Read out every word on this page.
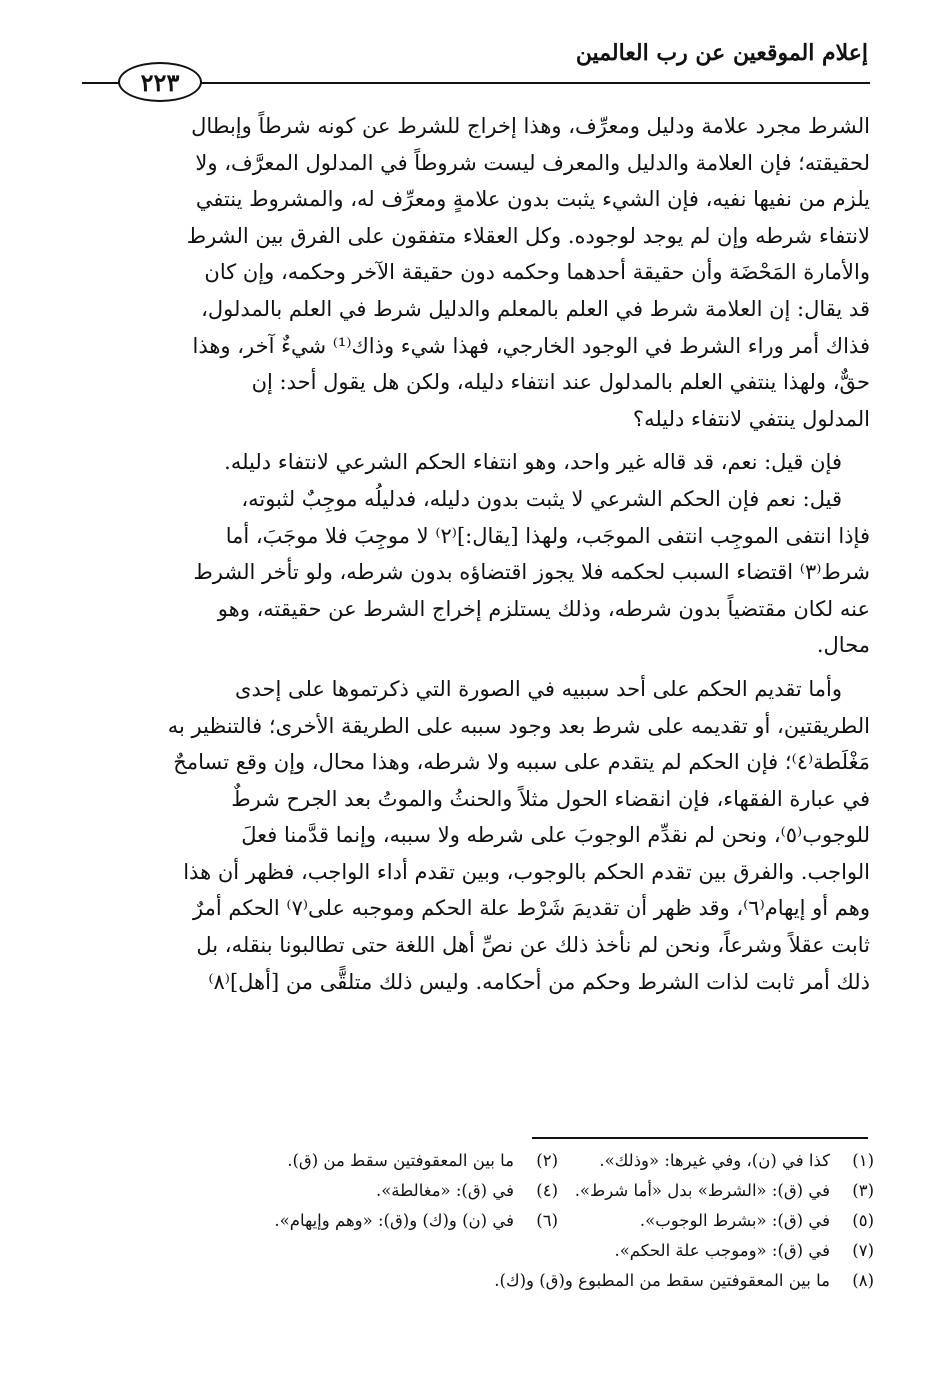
إعلام الموقعين عن رب العالمين
٢٢٣

الشرط مجرد علامة ودليل ومعرِّف، وهذا إخراج للشرط عن كونه شرطاً وإبطال

لحقيقته؛ فإن العلامة والدليل والمعرف ليست شروطاً في المدلول المعرَّف، ولا

يلزم من نفيها نفيه، فإن الشيء يثبت بدون علامةٍ ومعرِّف له، والمشروط ينتفي

لانتفاء شرطه وإن لم يوجد لوجوده. وكل العقلاء متفقون على الفرق بين الشرط

والأمارة المَحْضَة وأن حقيقة أحدهما وحكمه دون حقيقة الآخر وحكمه، وإن كان

قد يقال: إن العلامة شرط في العلم بالمعلم والدليل شرط في العلم بالمدلول،

فذاك أمر وراء الشرط في الوجود الخارجي، فهذا شيء وذاك⁽¹⁾ شيءٌ آخر، وهذا

حقٌّ، ولهذا ينتفي العلم بالمدلول عند انتفاء دليله، ولكن هل يقول أحد: إن

المدلول ينتفي لانتفاء دليله؟

فإن قيل: نعم، قد قاله غير واحد، وهو انتفاء الحكم الشرعي لانتفاء دليله.

قيل: نعم فإن الحكم الشرعي لا يثبت بدون دليله، فدليلُه موجِبٌ لثبوته،

فإذا انتفى الموجِب انتفى الموجَب، ولهذا [يقال:]⁽٢⁾ لا موجِبَ فلا موجَبَ، أما

شرط⁽٣⁾ اقتضاء السبب لحكمه فلا يجوز اقتضاؤه بدون شرطه، ولو تأخر الشرط

عنه لكان مقتضياً بدون شرطه، وذلك يستلزم إخراج الشرط عن حقيقته، وهو

محال.

وأما تقديم الحكم على أحد سببيه في الصورة التي ذكرتموها على إحدى

الطريقتين، أو تقديمه على شرط بعد وجود سببه على الطريقة الأخرى؛ فالتنظير به

مَغْلَطة⁽٤⁾؛ فإن الحكم لم يتقدم على سببه ولا شرطه، وهذا محال، وإن وقع تسامحٌ

في عبارة الفقهاء، فإن انقضاء الحول مثلاً والحنثُ والموتُ بعد الجرح شرطٌ

للوجوب⁽٥⁾، ونحن لم نقدِّم الوجوبَ على شرطه ولا سببه، وإنما قدَّمنا فعلَ

الواجب. والفرق بين تقدم الحكم بالوجوب، وبين تقدم أداء الواجب، فظهر أن هذا

وهم أو إيهام⁽٦⁾، وقد ظهر أن تقديمَ شَرْط علة الحكم وموجبه على⁽٧⁾ الحكم أمرٌ

ثابت عقلاً وشرعاً، ونحن لم نأخذ ذلك عن نصِّ أهل اللغة حتى تطالبونا بنقله، بل

ذلك أمر ثابت لذات الشرط وحكم من أحكامه. وليس ذلك متلقًّى من [أهل]⁽٨⁾

(١)
كذا في (ن)، وفي غيرها: «وذلك».
(٢)
ما بين المعقوفتين سقط من (ق).
(٣)
في (ق): «الشرط» بدل «أما شرط».
(٤)
في (ق): «مغالطة».
(٥)
في (ق): «بشرط الوجوب».
(٦)
في (ن) و(ك) و(ق): «وهم وإيهام».
(٧)
في (ق): «وموجب علة الحكم».
(٨)
ما بين المعقوفتين سقط من المطبوع و(ق) و(ك).
